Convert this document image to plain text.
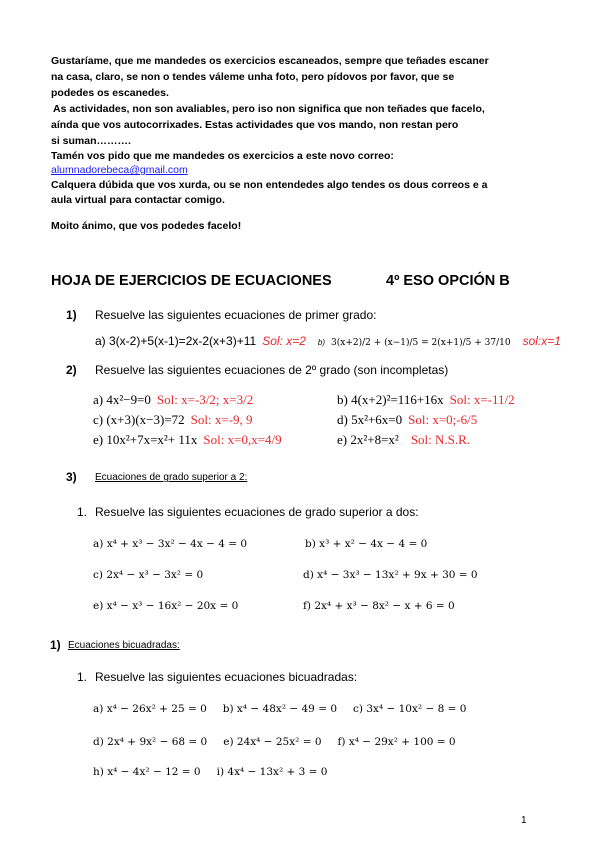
Gustaríame, que me mandedes os exercicios escaneados, sempre que teñades escaner
na casa, claro, se non o tendes váleme unha foto, pero pídovos por favor, que se
podedes os escanedes.
As actividades, non son avaliables, pero iso non significa que non teñades que facelo,
aínda que vos autocorrixades. Estas actividades que vos mando, non restan pero
si suman……….
Tamén vos pido que me mandedes os exercicios a este novo correo:
alumnadorebeca@gmail.com
Calquera dúbida que vos xurda, ou se non entendedes algo tendes os dous correos e a
aula virtual para contactar comigo.
Moito ánimo, que vos podedes facelo!
HOJA DE EJERCICIOS DE ECUACIONES	4º ESO OPCIÓN B
1) Resuelve las siguientes ecuaciones de primer grado:
a) 3(x-2)+5(x-1)=2x-2(x+3)+11 Sol: x=2 b) 3(x+2)/2 + (x−1)/5 = 2(x+1)/5 + 37/10 sol:x=1
2) Resuelve las siguientes ecuaciones de 2º grado (son incompletas)
a) 4x²−9=0 Sol: x=-3/2; x=3/2	b) 4(x+2)²=116+16x Sol: x=-11/2
c) (x+3)(x−3)=72 Sol: x=-9, 9	d) 5x²+6x=0 Sol: x=0;-6/5
e) 10x²+7x=x²+ 11x Sol: x=0,x=4/9	e) 2x²+8=x² Sol: N.S.R.
3) Ecuaciones de grado superior a 2:
1. Resuelve las siguientes ecuaciones de grado superior a dos:
a) x⁴ + x³ − 3x² − 4x − 4 = 0	b) x³ + x² − 4x − 4 = 0
c) 2x⁴ − x³ − 3x² = 0	d) x⁴ − 3x³ − 13x² + 9x + 30 = 0
e) x⁴ − x³ − 16x² − 20x = 0	f) 2x⁴ + x³ − 8x² − x + 6 = 0
1) Ecuaciones bicuadradas:
1. Resuelve las siguientes ecuaciones bicuadradas:
a) x⁴ − 26x² + 25 = 0 b) x⁴ − 48x² − 49 = 0 c) 3x⁴ − 10x² − 8 = 0
d) 2x⁴ + 9x² − 68 = 0 e) 24x⁴ − 25x² = 0 f) x⁴ − 29x² + 100 = 0
h) x⁴ − 4x² − 12 = 0 i) 4x⁴ − 13x² + 3 = 0
1
